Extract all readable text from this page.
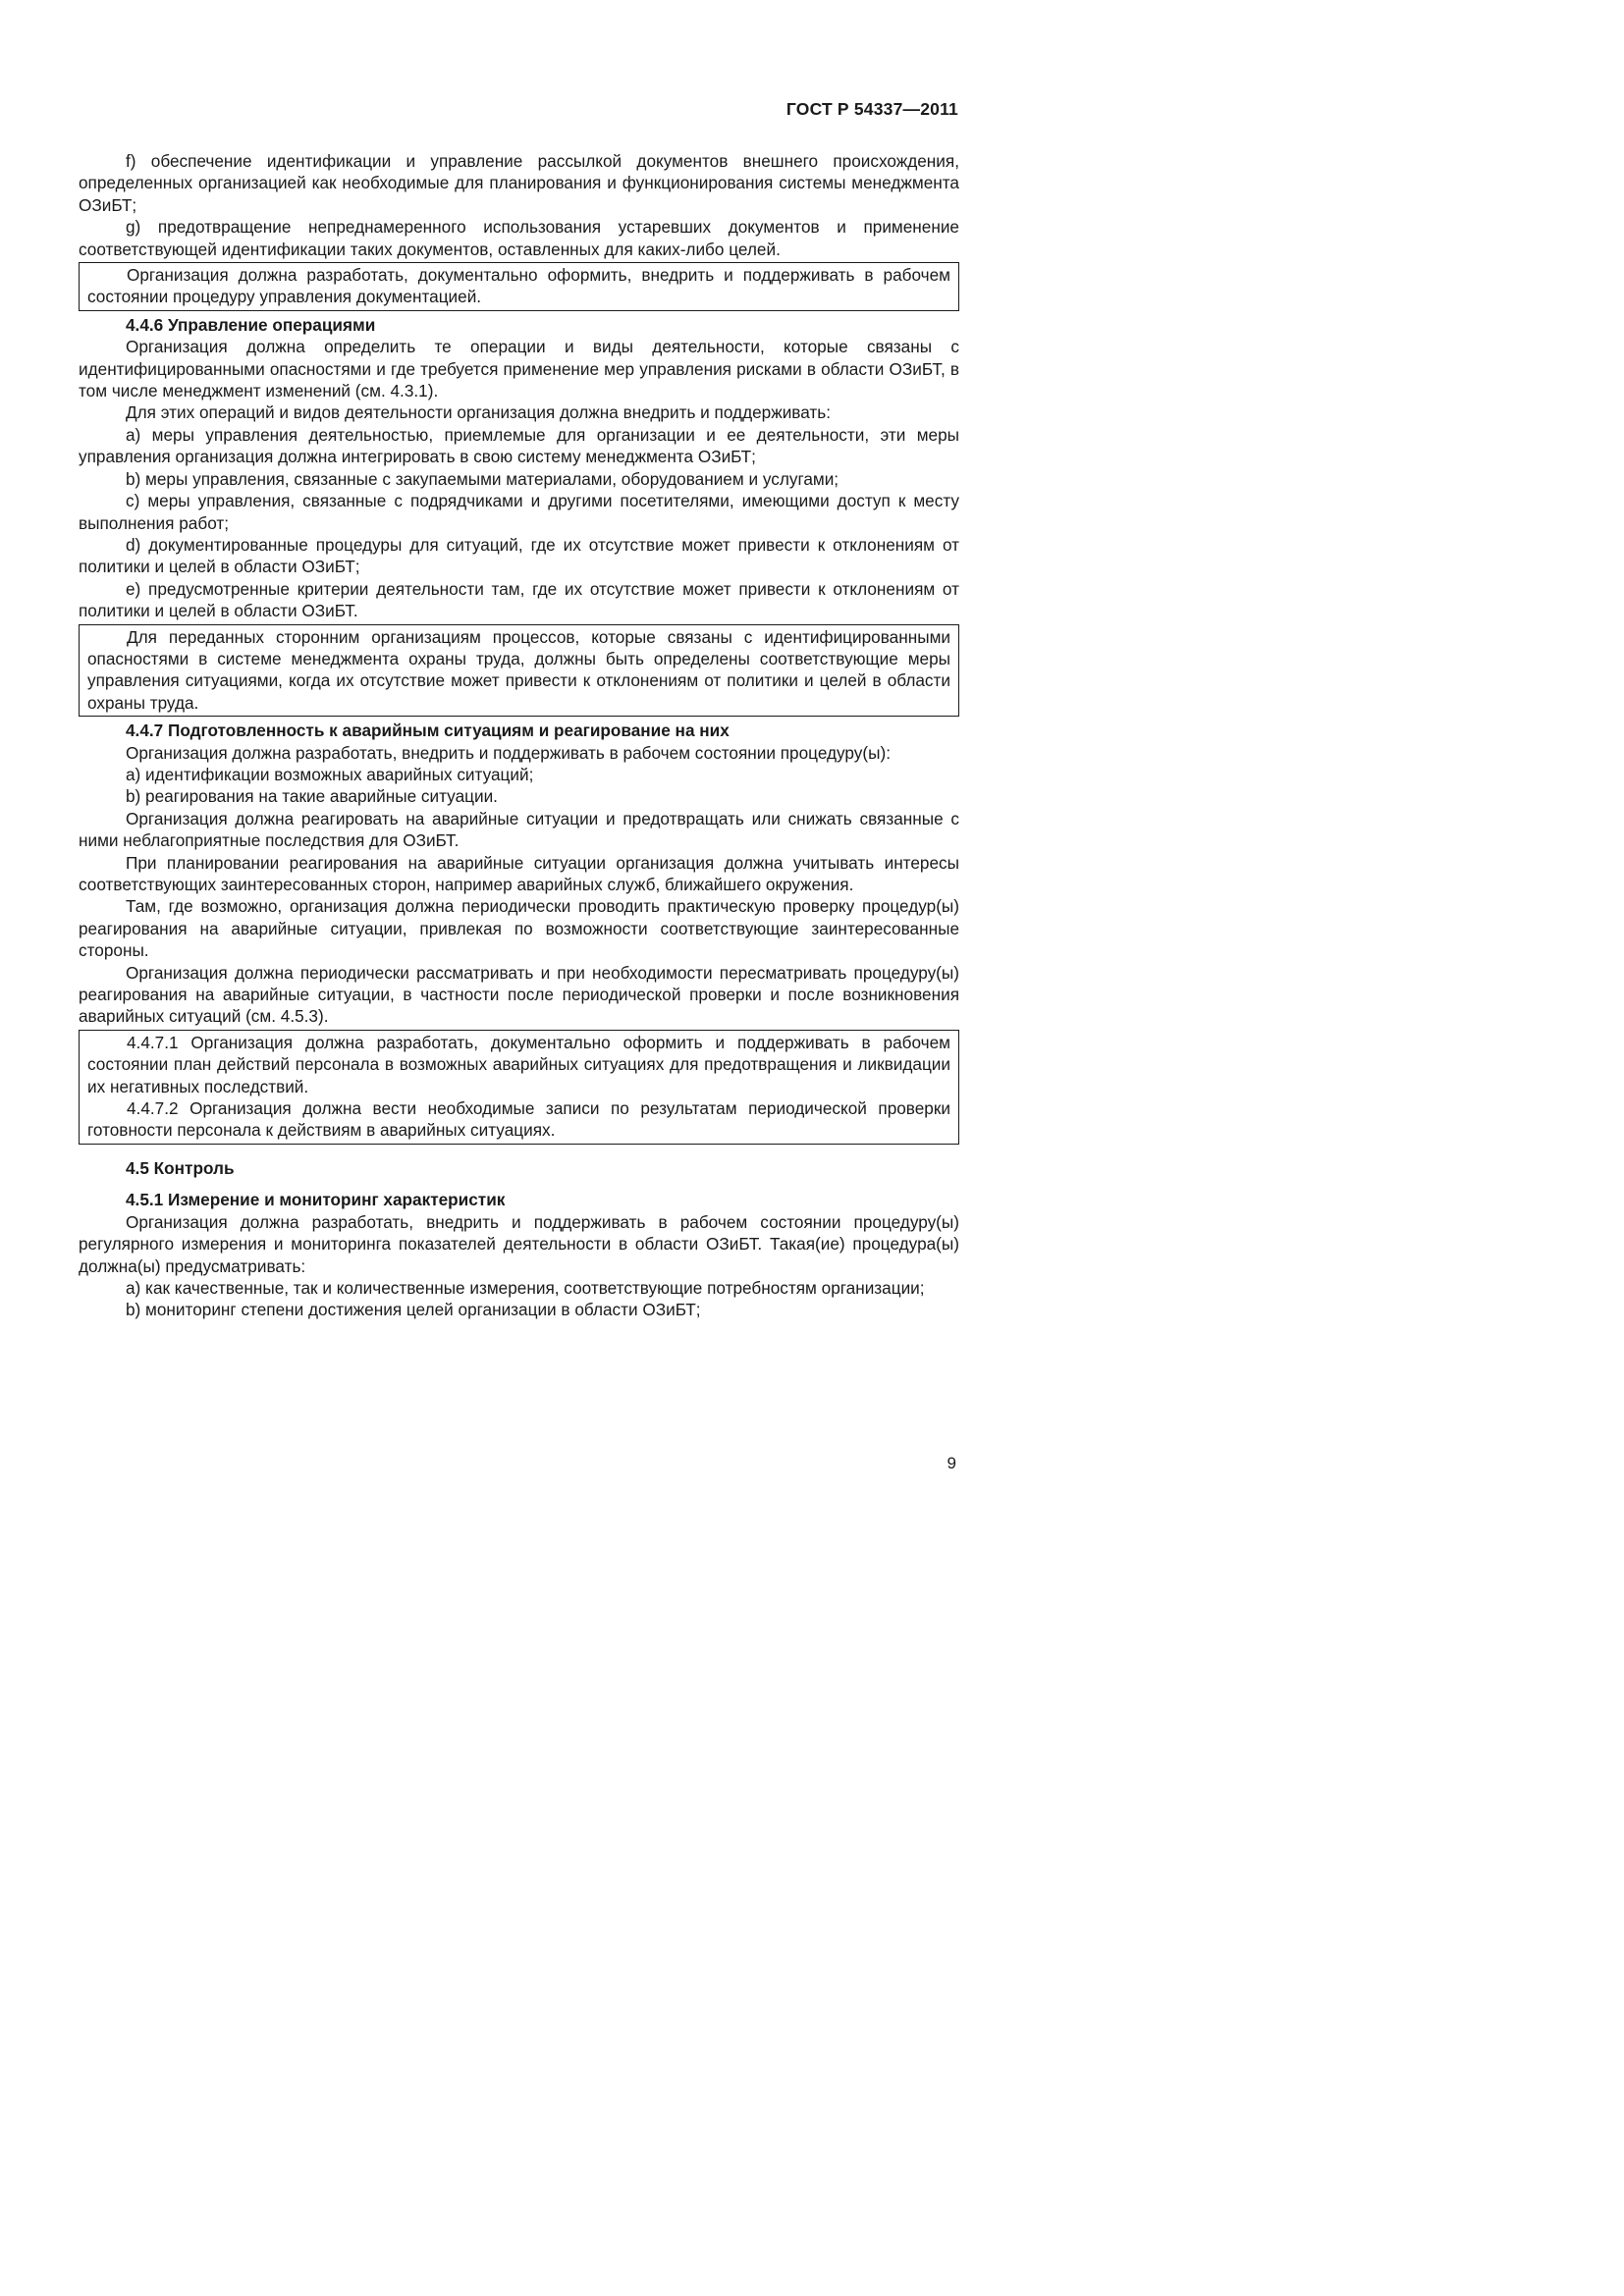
ГОСТ Р 54337—2011

f) обеспечение идентификации и управление рассылкой документов внешнего происхождения, определенных организацией как необходимые для планирования и функционирования системы менеджмента ОЗиБТ;

g) предотвращение непреднамеренного использования устаревших документов и применение соответствующей идентификации таких документов, оставленных для каких-либо целей.

Организация должна разработать, документально оформить, внедрить и поддерживать в рабочем состоянии процедуру управления документацией.

4.4.6 Управление операциями

Организация должна определить те операции и виды деятельности, которые связаны с идентифицированными опасностями и где требуется применение мер управления рисками в области ОЗиБТ, в том числе менеджмент изменений (см. 4.3.1).

Для этих операций и видов деятельности организация должна внедрить и поддерживать:

a) меры управления деятельностью, приемлемые для организации и ее деятельности, эти меры управления организация должна интегрировать в свою систему менеджмента ОЗиБТ;

b) меры управления, связанные с закупаемыми материалами, оборудованием и услугами;

c) меры управления, связанные с подрядчиками и другими посетителями, имеющими доступ к месту выполнения работ;

d) документированные процедуры для ситуаций, где их отсутствие может привести к отклонениям от политики и целей в области ОЗиБТ;

e) предусмотренные критерии деятельности там, где их отсутствие может привести к отклонениям от политики и целей в области ОЗиБТ.

Для переданных сторонним организациям процессов, которые связаны с идентифицированными опасностями в системе менеджмента охраны труда, должны быть определены соответствующие меры управления ситуациями, когда их отсутствие может привести к отклонениям от политики и целей в области охраны труда.

4.4.7 Подготовленность к аварийным ситуациям и реагирование на них

Организация должна разработать, внедрить и поддерживать в рабочем состоянии процедуру(ы):

a) идентификации возможных аварийных ситуаций;

b) реагирования на такие аварийные ситуации.

Организация должна реагировать на аварийные ситуации и предотвращать или снижать связанные с ними неблагоприятные последствия для ОЗиБТ.

При планировании реагирования на аварийные ситуации организация должна учитывать интересы соответствующих заинтересованных сторон, например аварийных служб, ближайшего окружения.

Там, где возможно, организация должна периодически проводить практическую проверку процедур(ы) реагирования на аварийные ситуации, привлекая по возможности соответствующие заинтересованные стороны.

Организация должна периодически рассматривать и при необходимости пересматривать процедуру(ы) реагирования на аварийные ситуации, в частности после периодической проверки и после возникновения аварийных ситуаций (см. 4.5.3).

4.4.7.1 Организация должна разработать, документально оформить и поддерживать в рабочем состоянии план действий персонала в возможных аварийных ситуациях для предотвращения и ликвидации их негативных последствий.

4.4.7.2 Организация должна вести необходимые записи по результатам периодической проверки готовности персонала к действиям в аварийных ситуациях.

4.5 Контроль

4.5.1 Измерение и мониторинг характеристик

Организация должна разработать, внедрить и поддерживать в рабочем состоянии процедуру(ы) регулярного измерения и мониторинга показателей деятельности в области ОЗиБТ. Такая(ие) процедура(ы) должна(ы) предусматривать:

a) как качественные, так и количественные измерения, соответствующие потребностям организации;

b) мониторинг степени достижения целей организации в области ОЗиБТ;

9
